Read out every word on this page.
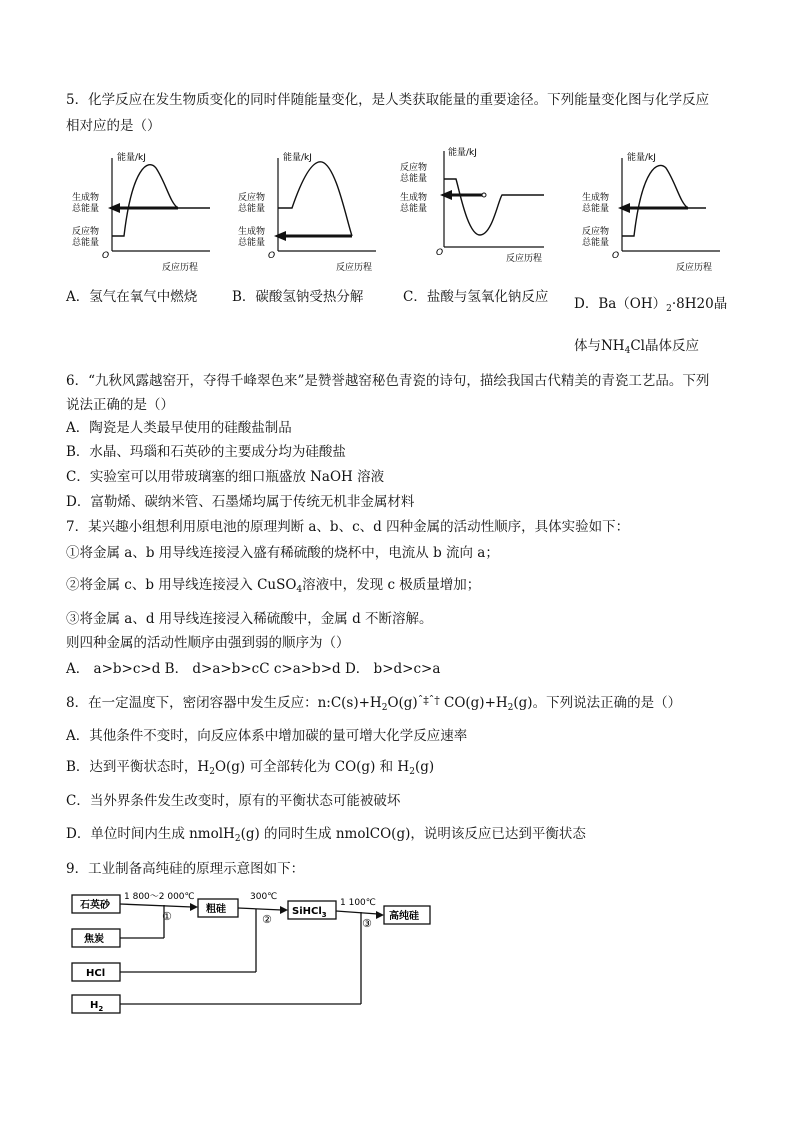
5．化学反应在发生物质变化的同时伴随能量变化，是人类获取能量的重要途径。下列能量变化图与化学反应
相对应的是（）
能量/kJ
生成物
总能量
反应物
总能量
O
反应历程
能量/kJ
反应物
总能量
生成物
总能量
O
反应历程
能量/kJ
反应物
总能量
生成物
总能量
O
反应历程
能量/kJ
生成物
总能量
反应物
总能量
O
反应历程
A．氢气在氧气中燃烧	B．碳酸氢钠受热分解	C．盐酸与氢氧化钠反应 D．$Ba(OH)_2\cdot 8H20$晶
体与$NH_4Cl$晶体反应
6．“九秋风露越窑开，夺得千峰翠色来”是赞誉越窑秘色青瓷的诗句，描绘我国古代精美的青瓷工艺品。下列
说法正确的是（）
A．陶瓷是人类最早使用的硅酸盐制品
B．水晶、玛瑙和石英砂的主要成分均为硅酸盐
C．实验室可以用带玻璃塞的细口瓶盛放 NaOH 溶液
D．富勒烯、碳纳米管、石墨烯均属于传统无机非金属材料
7．某兴趣小组想利用原电池的原理判断 a、b、c、d 四种金属的活动性顺序，具体实验如下：
①将金属 a、b 用导线连接浸入盛有稀硫酸的烧杯中，电流从 b 流向 a；
②将金属 c、b 用导线连接浸入 CuSO$_4$溶液中，发现 c 极质量增加；
③将金属 a、d 用导线连接浸入稀硫酸中，金属 d 不断溶解。
则四种金属的活动性顺序由强到弱的顺序为（）
A． a>b>c>d B． d>a>b>cC c>a>b>d D． b>d>c>a
8．在一定温度下，密闭容器中发生反应：$n:C(s)+H_2O(g)^{ˆ\ddagger ˆ\dagger}$ $CO(g)+H_2(g)$。下列说法正确的是（）
A．其他条件不变时，向反应体系中增加碳的量可增大化学反应速率
B．达到平衡状态时，$H_2O(g)$ 可全部转化为 CO(g) 和 $H_2(g)$
C．当外界条件发生改变时，原有的平衡状态可能被破坏
D．单位时间内生成 nmolH$_2$(g) 的同时生成 nmolCO(g)，说明该反应已达到平衡状态
9．工业制备高纯硅的原理示意图如下：
石英砂
焦炭
HCl
$H_2$
粗硅	SiHCl$_3$	高纯硅
1 800～2 000℃	300℃
1 100℃
①	②	③
